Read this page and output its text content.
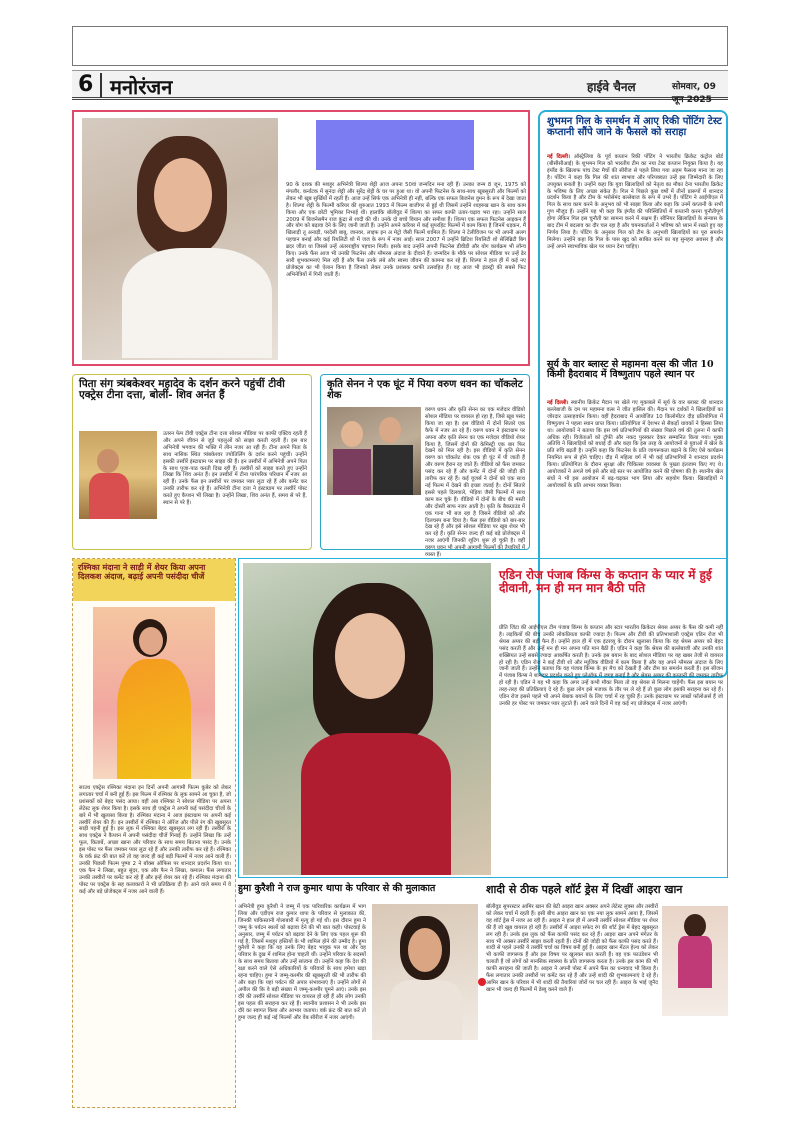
6 मनोरंजन	हाईवे चैनल	सोमवार, 09 जून 2025
90 के दशक की मशहूर अभिनेत्री शिल्पा शेट्टी आज अपना 50वां जन्मदिन मना रही हैं। उनका जन्म 8 जून, 1975 को मंगलौर, कर्नाटक में सुनंदा शेट्टी और सुरेंद्र शेट्टी के घर पर हुआ था। वो अपनी फिटनेस के साथ-साथ खूबसूरती और फिल्मों को लेकर भी खूब सुर्खियों में रहती हैं। आज उन्हें सिर्फ एक अभिनेत्री ही नहीं, बल्कि एक सफल बिजनेस वुमन के रूप में देखा जाता है। शिल्पा शेट्टी के फिल्मी करियर की शुरुआत 1993 में फिल्म बाजीगर से हुई थी जिसमें उन्होंने शाहरुख खान के साथ काम किया और एक छोटी भूमिका निभाई थी। हालांकि बॉलीवुड में शिल्पा का सफर काफी उतार-चढ़ाव भरा रहा। उन्होंने साल 2009 में बिजनेसमैन राज कुंद्रा से शादी की थी। उनके दो बच्चे वियान और समीशा हैं। शिल्पा एक सफल फिटनेस आइकन हैं और योग को बढ़ावा देने के लिए जानी जाती हैं। उन्होंने अपने करियर में कई सुपरहिट फिल्मों में काम किया है जिनमें धड़कन, मैं खिलाड़ी तू अनाड़ी, परदेसी बाबू, जानवर, लाइफ इन अ मेट्रो जैसी फिल्में शामिल हैं। शिल्पा ने टेलीविजन पर भी अपनी अलग पहचान बनाई और कई रियलिटी शो में जज के रूप में नजर आईं। साल 2007 में उन्होंने ब्रिटिश रियलिटी शो सेलिब्रिटी बिग ब्रदर जीता था जिससे उन्हें अंतरराष्ट्रीय पहचान मिली। इसके बाद उन्होंने अपनी फिटनेस डीवीडी और योग कार्यक्रम भी लॉन्च किए। उनके फैंस आज भी उनकी फिटनेस और ग्लैमरस अंदाज के दीवाने हैं। जन्मदिन के मौके पर सोशल मीडिया पर उन्हें ढेर सारी शुभकामनाएं मिल रही हैं और फैंस उनके लंबे और स्वस्थ जीवन की कामना कर रहे हैं। शिल्पा ने हाल ही में कई नए प्रोजेक्ट्स का भी ऐलान किया है जिनको लेकर उनके प्रशंसक काफी उत्साहित हैं। वह आज भी इंडस्ट्री की सबसे फिट अभिनेत्रियों में गिनी जाती हैं।
शुभमन गिल के समर्थन में आए रिकी पोंटिंग टेस्ट कप्तानी सौंपे जाने के फैसले को सराहा
नई दिल्ली। ऑस्ट्रेलिया के पूर्व कप्तान रिकी पोंटिंग ने भारतीय क्रिकेट कंट्रोल बोर्ड (बीसीसीआई) के शुभमन गिल को भारतीय टीम का नया टेस्ट कप्तान नियुक्त किया है। यह इंग्लैंड के खिलाफ पांच टेस्ट मैचों की सीरीज से पहले लिया गया अहम फैसला माना जा रहा है। पोंटिंग ने कहा कि गिल की शांत स्वभाव और परिपक्वता उन्हें इस जिम्मेदारी के लिए उपयुक्त बनाती है। उन्होंने कहा कि युवा खिलाड़ियों को नेतृत्व का मौका देना भारतीय क्रिकेट के भविष्य के लिए अच्छा संकेत है। गिल ने पिछले कुछ वर्षों में तीनों प्रारूपों में शानदार प्रदर्शन किया है और टीम के भरोसेमंद बल्लेबाज के रूप में उभरे हैं। पोंटिंग ने आईपीएल में गिल के साथ काम करने के अनुभव को भी साझा किया और कहा कि उनमें कप्तानी के सभी गुण मौजूद हैं। उन्होंने यह भी कहा कि इंग्लैंड की परिस्थितियों में कप्तानी करना चुनौतीपूर्ण होगा लेकिन गिल इस चुनौती का सामना करने में सक्षम हैं। सीनियर खिलाड़ियों के संन्यास के बाद टीम में बदलाव का दौर चल रहा है और चयनकर्ताओं ने भविष्य को ध्यान में रखते हुए यह निर्णय लिया है। पोंटिंग के अनुसार गिल को टीम के अनुभवी खिलाड़ियों का पूरा समर्थन मिलेगा। उन्होंने कहा कि गिल के पास खुद को साबित करने का यह सुनहरा अवसर है और उन्हें अपने स्वाभाविक खेल पर ध्यान देना चाहिए।
सूर्य के वार ब्लास्ट से महामना वत्स की जीत 10 किमी हैदराबाद में विष्णुताप पहले स्थान पर
नई दिल्ली। स्थानीय क्रिकेट मैदान पर खेले गए मुकाबले में सूर्य के वार ब्लास्ट की शानदार बल्लेबाजी के दम पर महामना वत्स ने जीत हासिल की। मैदान पर दर्शकों ने खिलाड़ियों का जोरदार उत्साहवर्धन किया। वहीं हैदराबाद में आयोजित 10 किलोमीटर दौड़ प्रतियोगिता में विष्णुताप ने पहला स्थान प्राप्त किया। प्रतियोगिता में देशभर से सैकड़ों धावकों ने हिस्सा लिया था। आयोजकों ने बताया कि इस वर्ष प्रतिभागियों की संख्या पिछले वर्ष की तुलना में काफी अधिक रही। विजेताओं को ट्रॉफी और नकद पुरस्कार देकर सम्मानित किया गया। मुख्य अतिथि ने खिलाड़ियों को बधाई दी और कहा कि इस तरह के आयोजनों से युवाओं में खेल के प्रति रुचि बढ़ती है। उन्होंने कहा कि फिटनेस के प्रति जागरूकता बढ़ाने के लिए ऐसे कार्यक्रम नियमित रूप से होने चाहिए। दौड़ में महिला वर्ग में भी कई प्रतिभागियों ने शानदार प्रदर्शन किया। प्रतियोगिता के दौरान सुरक्षा और चिकित्सा व्यवस्था के पुख्ता इंतजाम किए गए थे। आयोजकों ने अगले वर्ष इसे और बड़े स्तर पर आयोजित करने की घोषणा की है। स्थानीय खेल संघों ने भी इस आयोजन में बढ़-चढ़कर भाग लिया और सहयोग किया। खिलाड़ियों ने आयोजकों के प्रति आभार व्यक्त किया।
पिता संग त्र्यंबकेश्वर महादेव के दर्शन करने पहुंचीं टीवी एक्ट्रेस टीना दत्ता, बोलीं- शिव अनंत हैं
उतरन फेम टीवी एक्ट्रेस टीना दत्ता सोशल मीडिया पर काफी एक्टिव रहती हैं और अपने जीवन से जुड़े पहलुओं को साझा करती रहती हैं। इस बार अभिनेत्री भगवान की भक्ति में लीन नजर आ रही हैं। टीना अपने पिता के साथ नासिक स्थित त्र्यंबकेश्वर ज्योतिर्लिंग के दर्शन करने पहुंचीं। उन्होंने इसकी तस्वीरें इंस्टाग्राम पर साझा की हैं। इन तस्वीरों में अभिनेत्री अपने पिता के साथ पूजा-पाठ करती दिख रही हैं। तस्वीरों को साझा करते हुए उन्होंने लिखा कि शिव अनंत हैं। इन तस्वीरों में टीना पारंपरिक परिधान में नजर आ रही हैं। उनके फैंस इन तस्वीरों पर जमकर प्यार लुटा रहे हैं और कमेंट कर उनकी तारीफ कर रहे हैं। अभिनेत्री टीना दत्ता ने इंस्टाग्राम पर तस्वीरें पोस्ट करते हुए कैप्शन भी लिखा है। उन्होंने लिखा, शिव अनंत हैं, समय से परे हैं, स्थान से परे हैं।
कृति सेनन ने एक घूंट में पिया वरुण धवन का चॉकलेट शेक
वरुण धवन और कृति सेनन का एक मजेदार वीडियो सोशल मीडिया पर वायरल हो रहा है, जिसे खूब पसंद किया जा रहा है। इस वीडियो में दोनों सितारे एक कैफे में नजर आ रहे हैं। वरुण धवन ने इंस्टाग्राम पर अपना और कृति सेनन का एक मजेदार वीडियो शेयर किया है, जिसमें दोनों की केमिस्ट्री एक बार फिर देखने को मिल रही है। इस वीडियो में कृति सेनन वरुण का चॉकलेट शेक एक ही घूंट में पी जाती हैं और वरुण हैरान रह जाते हैं। वीडियो को फैंस जमकर पसंद कर रहे हैं और कमेंट में दोनों की जोड़ी की तारीफ कर रहे हैं। कई यूजर्स ने दोनों को एक साथ नई फिल्म में देखने की इच्छा जताई है। दोनों सितारे इससे पहले दिलवाले, भेड़िया जैसी फिल्मों में साथ काम कर चुके हैं। वीडियो में दोनों के बीच की मस्ती और दोस्ती साफ नजर आती है। कृति के बैकग्राउंड में एक गाना भी बज रहा है जिसने वीडियो को और दिलचस्प बना दिया है। फैंस इस वीडियो को बार-बार देख रहे हैं और इसे सोशल मीडिया पर खूब शेयर भी कर रहे हैं। कृति सेनन जल्द ही कई बड़े प्रोजेक्ट्स में नजर आएंगी जिनकी शूटिंग शुरू हो चुकी है। वहीं वरुण धवन भी अपनी आगामी फिल्मों की तैयारियों में व्यस्त हैं।
रश्मिका मंदाना ने साड़ी में शेयर किया अपना दिलकश अंदाज, बढ़ाई अपनी पसंदीदा चीजें
साउथ एक्ट्रेस रश्मिका मंदाना इन दिनों अपनी आगामी फिल्म कुबेर को लेकर लगातार चर्चा में बनी हुई हैं। इस फिल्म में रश्मिका के लुक सामने आ चुका है, जो प्रशंसकों को बेहद पसंद आया। वहीं अब रश्मिका ने सोशल मीडिया पर अपना लेटेस्ट लुक शेयर किया है। इसके साथ ही एक्ट्रेस ने अपनी कई पसंदीदा चीजों के बारे में भी खुलासा किया है। रश्मिका मंदाना ने आज इंस्टाग्राम पर अपनी कई तस्वीरें शेयर की हैं। इन तस्वीरों में रश्मिका ने ऑरेंज और पीले रंग की खूबसूरत साड़ी पहनी हुई है। इस लुक में रश्मिका बेहद खूबसूरत लग रही हैं। तस्वीरों के साथ एक्ट्रेस ने कैप्शन में अपनी पसंदीदा चीजें गिनाई हैं। उन्होंने लिखा कि उन्हें फूल, किताबें, अच्छा खाना और परिवार के साथ समय बिताना पसंद है। उनके इस पोस्ट पर फैंस जमकर प्यार लुटा रहे हैं और उनकी तारीफ कर रहे हैं। रश्मिका के वर्क फ्रंट की बात करें तो वह जल्द ही कई बड़ी फिल्मों में नजर आने वाली हैं। उनकी पिछली फिल्म पुष्पा 2 ने बॉक्स ऑफिस पर शानदार प्रदर्शन किया था। एक फैन ने लिखा, बहुत सुंदर, एक और फैन ने लिखा, कमाल। फैंस लगातार उनकी तस्वीरों पर कमेंट कर रहे हैं और इन्हें शेयर कर रहे हैं। रश्मिका मंदाना की पोस्ट पर एक्ट्रेस के सह कलाकारों ने भी प्रतिक्रिया दी है। आने वाले समय में वे कई और बड़े प्रोजेक्ट्स में नजर आने वाली हैं।
एडिन रोज पंजाब किंग्स के कप्तान के प्यार में हुई दीवानी, मन ही मन मान बैठी पति
प्रीति जिंटा की आईपीएल टीम पंजाब किंग्स के कप्तान और स्टार भारतीय क्रिकेटर श्रेयस अय्यर के फैंस की कमी नहीं है। लड़कियों की बीच उनकी लोकप्रियता काफी ज्यादा है। फिल्म और टीवी की प्रतिभाशाली एक्ट्रेस एडिन रोज भी श्रेयस अय्यर की बड़ी फैन हैं। उन्होंने हाल ही में एक इंटरव्यू के दौरान खुलासा किया कि वह श्रेयस अय्यर को बेहद पसंद करती हैं और उन्हें मन ही मन अपना पति मान बैठी हैं। एडिन ने कहा कि श्रेयस की बल्लेबाजी और उनकी शांत शख्सियत उन्हें सबसे ज्यादा आकर्षित करती है। उनके इस बयान के बाद सोशल मीडिया पर यह खबर तेजी से वायरल हो रही है। एडिन रोज ने कई टीवी शो और म्यूजिक वीडियो में काम किया है और वह अपने ग्लैमरस अंदाज के लिए जानी जाती हैं। उन्होंने बताया कि वह पंजाब किंग्स के हर मैच को देखती हैं और टीम का समर्थन करती हैं। इस सीजन में पंजाब किंग्स ने शानदार प्रदर्शन करते हुए प्लेऑफ में जगह बनाई है और श्रेयस अय्यर की कप्तानी की जमकर तारीफ हो रही है। एडिन ने यह भी कहा कि अगर उन्हें कभी मौका मिला तो वह श्रेयस से मिलना चाहेंगी। फैंस इस बयान पर तरह-तरह की प्रतिक्रियाएं दे रहे हैं। कुछ लोग इसे मजाक के तौर पर ले रहे हैं तो कुछ लोग इसकी सराहना कर रहे हैं। एडिन रोज इससे पहले भी अपने बेबाक बयानों के लिए चर्चा में रह चुकी हैं। उनके इंस्टाग्राम पर लाखों फॉलोअर्स हैं जो उनकी हर पोस्ट पर जमकर प्यार लुटाते हैं। आने वाले दिनों में वह कई नए प्रोजेक्ट्स में नजर आएंगी।
हुमा कुरैशी ने राज कुमार थापा के परिवार से की मुलाकात
अभिनेत्री हुमा कुरैशी ने जम्मू में एक पारिवारिक कार्यक्रम में भाग लिया और एडीएम राज कुमार थापा के परिवार से मुलाकात की, जिनकी पाकिस्तानी गोलाबारी में मृत्यु हो गई थी। इस दौरान हुमा ने जम्मू के पर्यटन स्थलों को बढ़ावा देने की भी बात कही। पोस्टवाई के अनुसार, जम्मू में पर्यटन को बढ़ावा देने के लिए एक पहल शुरू की गई है, जिसमें मशहूर हस्तियों के भी शामिल होने की उम्मीद है। हुमा कुरैशी ने कहा कि यह उनके लिए बेहद भावुक पल था और वह परिवार के दुख में शामिल होना चाहती थीं। उन्होंने परिवार के सदस्यों के साथ समय बिताया और उन्हें सांत्वना दी। उन्होंने कहा कि देश की रक्षा करने वाले ऐसे अधिकारियों के परिवारों के साथ हमेशा खड़ा रहना चाहिए। हुमा ने जम्मू-कश्मीर की खूबसूरती की भी तारीफ की और कहा कि यहां पर्यटन की अपार संभावनाएं हैं। उन्होंने लोगों से अपील की कि वे बड़ी संख्या में जम्मू-कश्मीर घूमने आएं। उनके इस दौरे की तस्वीरें सोशल मीडिया पर वायरल हो रही हैं और लोग उनकी इस पहल की सराहना कर रहे हैं। स्थानीय प्रशासन ने भी उनके इस दौरे का स्वागत किया और आभार जताया। वर्क फ्रंट की बात करें तो हुमा जल्द ही कई नई फिल्मों और वेब सीरीज में नजर आएंगी।
शादी से ठीक पहले शॉर्ट ड्रेस में दिखीं आइरा खान
बॉलीवुड सुपरस्टार आमिर खान की बेटी आइरा खान अक्सर अपने लेटेस्ट लुक्स और तस्वीरों को लेकर चर्चा में रहती हैं। इसी बीच आइरा खान का एक नया लुक सामने आया है, जिसमें वह शॉर्ट ड्रेस में नजर आ रही हैं। आइरा ने हाल ही में अपनी तस्वीरें सोशल मीडिया पर शेयर की हैं जो खूब वायरल हो रही हैं। तस्वीरों में आइरा सफेद रंग की शॉर्ट ड्रेस में बेहद खूबसूरत लग रही हैं। उनके इस लुक को फैंस काफी पसंद कर रहे हैं। आइरा खान अपने मंगेतर के साथ भी अक्सर तस्वीरें साझा करती रहती हैं। दोनों की जोड़ी को फैंस काफी पसंद करते हैं। शादी से पहले उनकी ये तस्वीरें चर्चा का विषय बनी हुई हैं। आइरा खान मेंटल हेल्थ को लेकर भी काफी जागरूक हैं और इस विषय पर खुलकर बात करती हैं। वह एक फाउंडेशन भी चलाती हैं जो लोगों को मानसिक स्वास्थ्य के प्रति जागरूक करता है। उनके इस काम की भी काफी सराहना की जाती है। आइरा ने अपनी पोस्ट में अपने फैंस का धन्यवाद भी किया है। फैंस लगातार उनकी तस्वीरों पर कमेंट कर रहे हैं और उन्हें शादी की शुभकामनाएं दे रहे हैं। आमिर खान के परिवार में भी शादी की तैयारियां जोरों पर चल रही हैं। आइरा के भाई जुनैद खान भी जल्द ही फिल्मों में डेब्यू करने वाले हैं।
